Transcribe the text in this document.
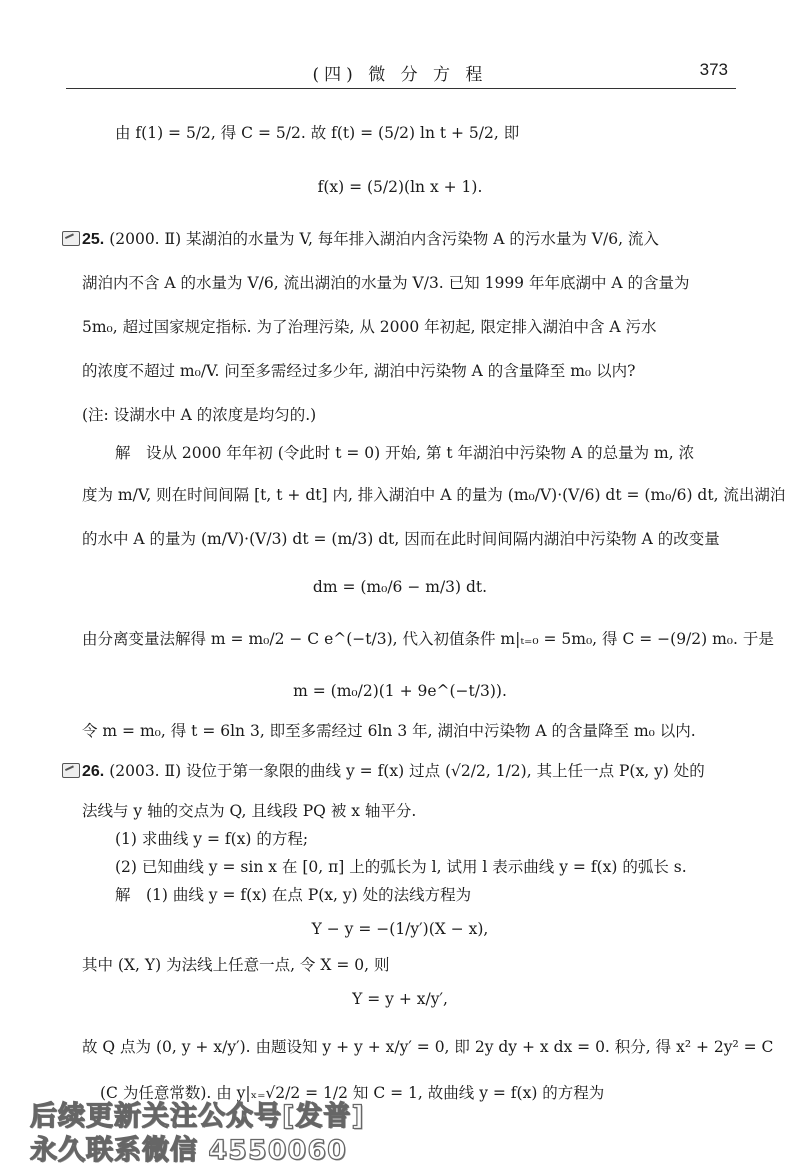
(四) 微 分 方 程	373
由 f(1) = 5/2, 得 C = 5/2. 故 f(t) = (5/2) ln t + 5/2, 即
f(x) = (5/2)(ln x + 1).
25. (2000. Ⅱ) 某湖泊的水量为 V, 每年排入湖泊内含污染物 A 的污水量为 V/6, 流入
湖泊内不含 A 的水量为 V/6, 流出湖泊的水量为 V/3. 已知 1999 年年底湖中 A 的含量为
5m₀, 超过国家规定指标. 为了治理污染, 从 2000 年初起, 限定排入湖泊中含 A 污水
的浓度不超过 m₀/V. 问至多需经过多少年, 湖泊中污染物 A 的含量降至 m₀ 以内?
(注: 设湖水中 A 的浓度是均匀的.)
解　设从 2000 年年初 (令此时 t = 0) 开始, 第 t 年湖泊中污染物 A 的总量为 m, 浓
度为 m/V, 则在时间间隔 [t, t + dt] 内, 排入湖泊中 A 的量为 (m₀/V)·(V/6) dt = (m₀/6) dt, 流出湖泊
的水中 A 的量为 (m/V)·(V/3) dt = (m/3) dt, 因而在此时间间隔内湖泊中污染物 A 的改变量
dm = (m₀/6 − m/3) dt.
由分离变量法解得 m = m₀/2 − C e^(−t/3), 代入初值条件 m|ₜ₌₀ = 5m₀, 得 C = −(9/2) m₀. 于是
m = (m₀/2)(1 + 9e^(−t/3)).
令 m = m₀, 得 t = 6ln 3, 即至多需经过 6ln 3 年, 湖泊中污染物 A 的含量降至 m₀ 以内.
26. (2003. Ⅱ) 设位于第一象限的曲线 y = f(x) 过点 (√2/2, 1/2), 其上任一点 P(x, y) 处的
法线与 y 轴的交点为 Q, 且线段 PQ 被 x 轴平分.
(1) 求曲线 y = f(x) 的方程;
(2) 已知曲线 y = sin x 在 [0, π] 上的弧长为 l, 试用 l 表示曲线 y = f(x) 的弧长 s.
解　(1) 曲线 y = f(x) 在点 P(x, y) 处的法线方程为
Y − y = −(1/y′)(X − x),
其中 (X, Y) 为法线上任意一点, 令 X = 0, 则
Y = y + x/y′,
故 Q 点为 (0, y + x/y′). 由题设知 y + y + x/y′ = 0, 即 2y dy + x dx = 0. 积分, 得 x² + 2y² = C
(C 为任意常数). 由 y|ₓ₌√2/2 = 1/2 知 C = 1, 故曲线 y = f(x) 的方程为
后续更新关注公众号[发普]
永久联系微信 4550060
